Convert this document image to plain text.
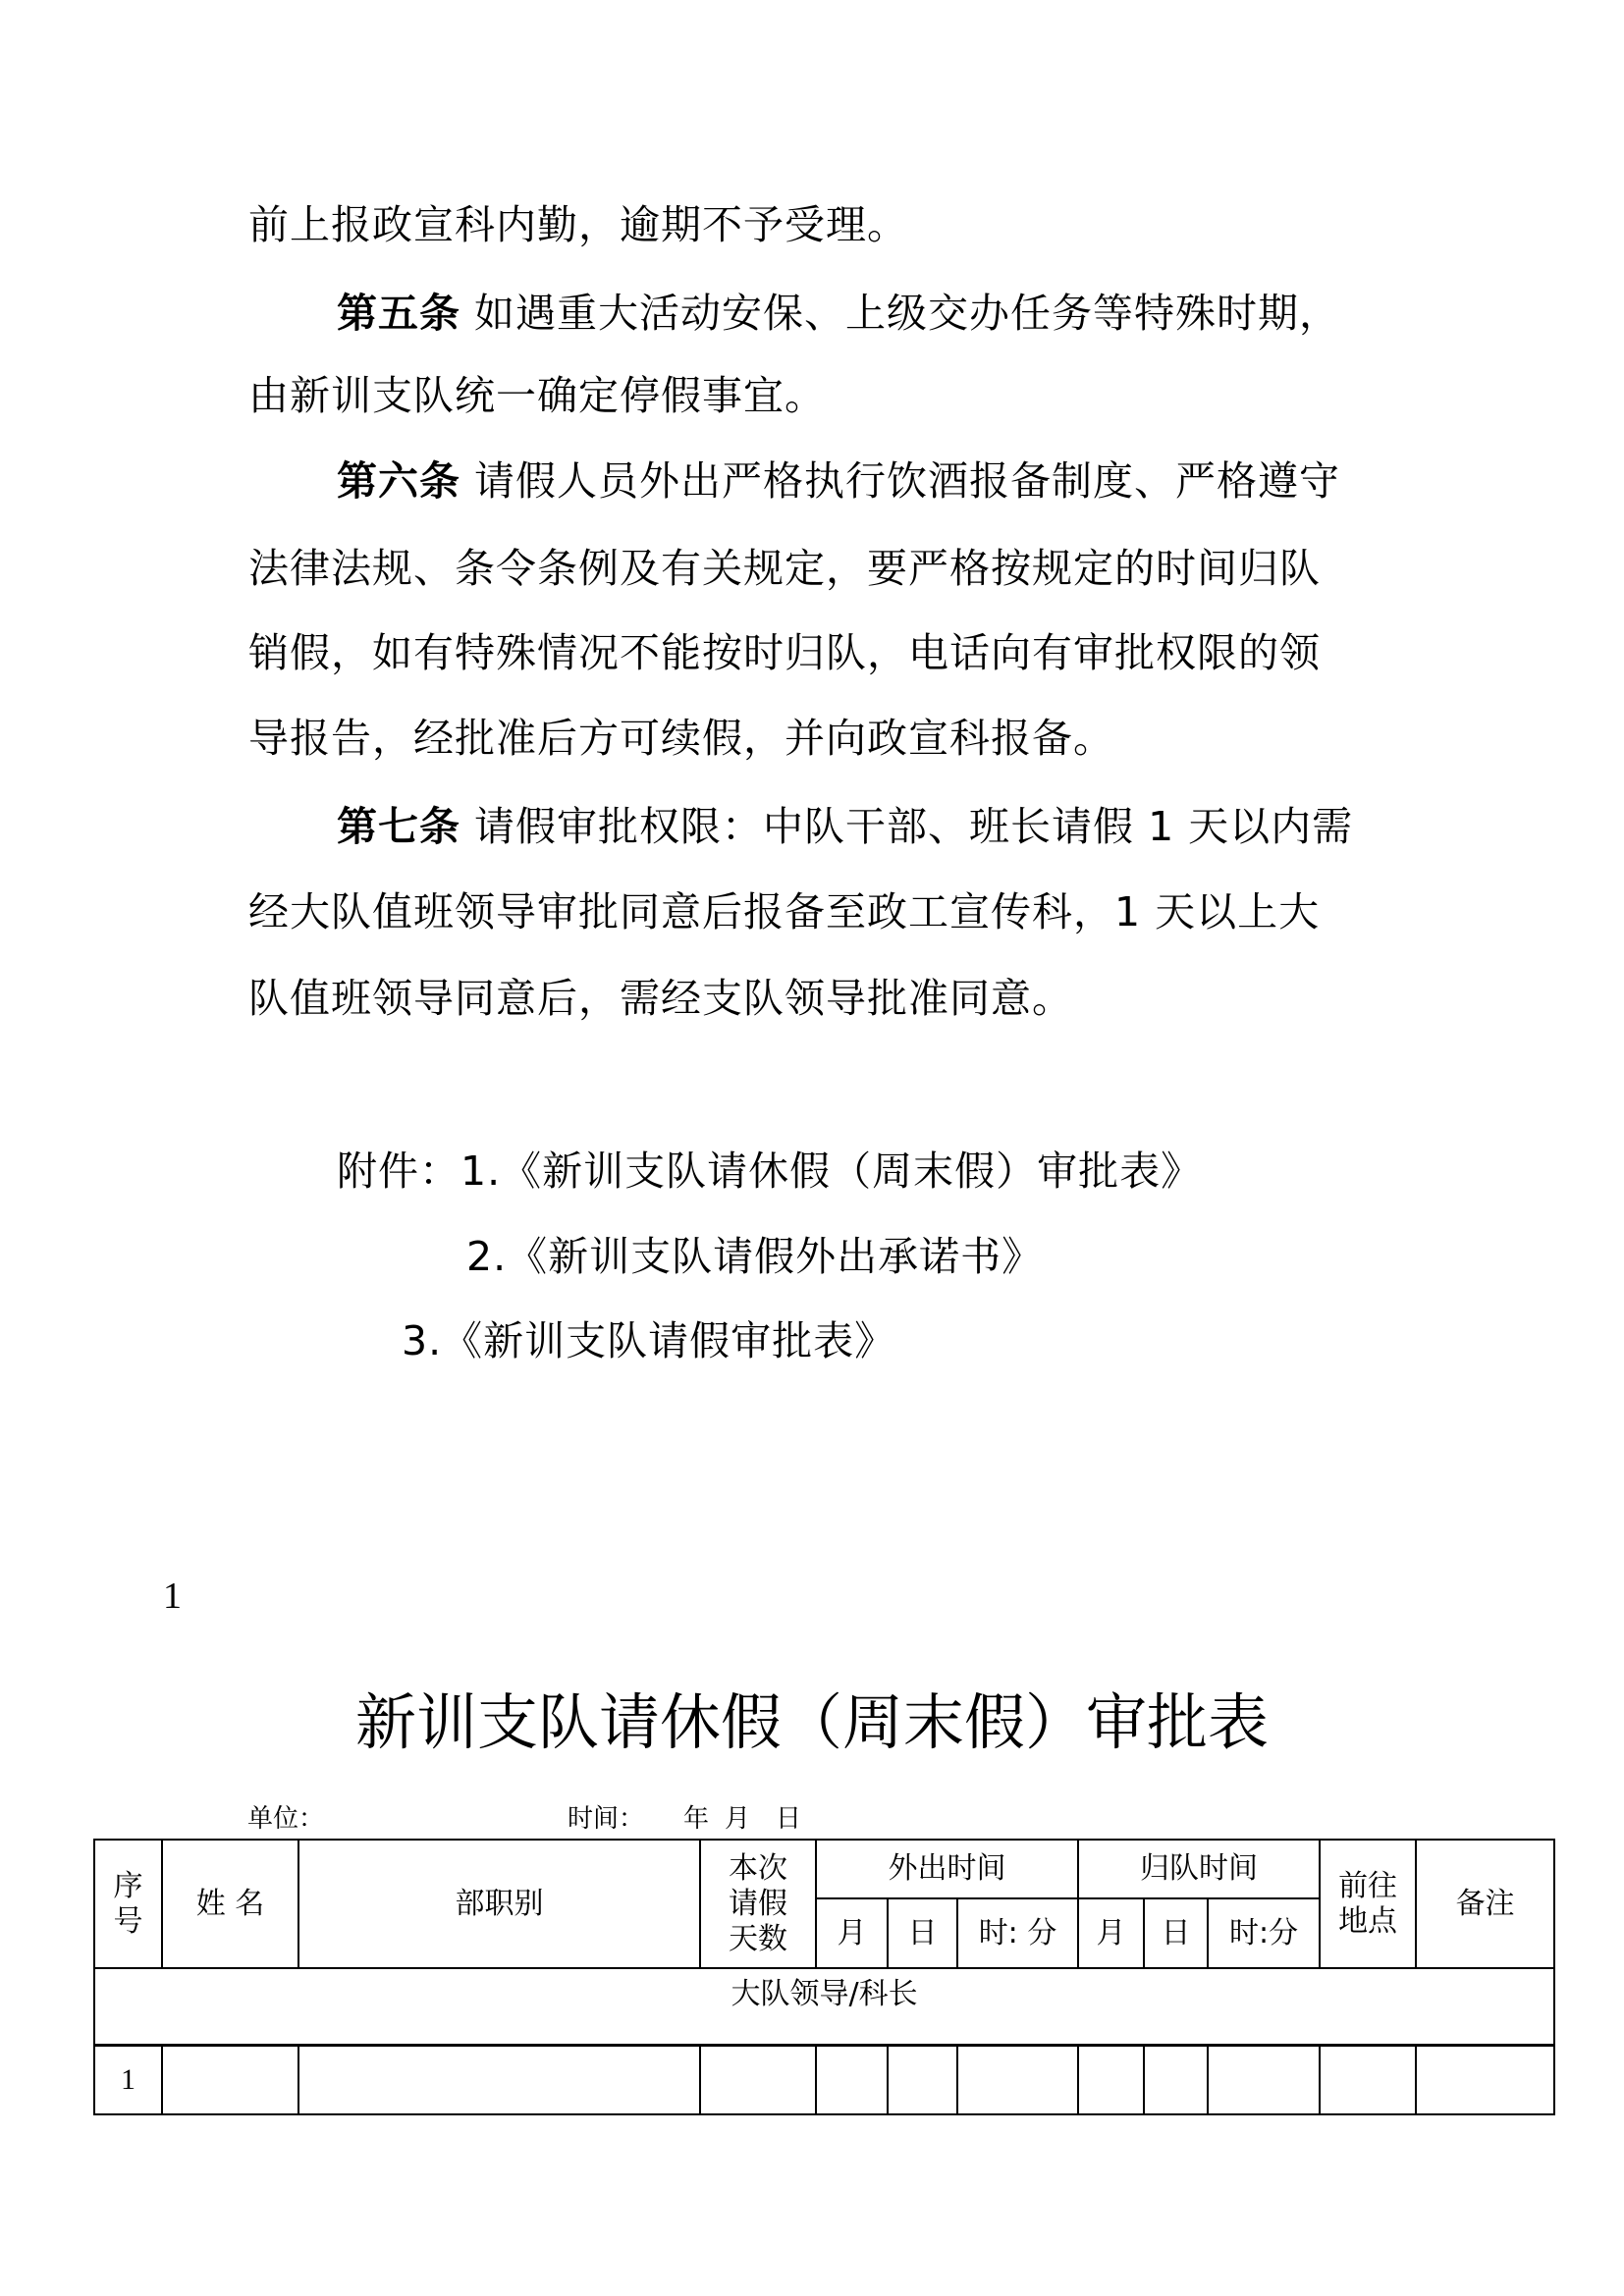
前上报政宣科内勤，逾期不予受理。
第五条 如遇重大活动安保、上级交办任务等特殊时期，
由新训支队统一确定停假事宜。
第六条 请假人员外出严格执行饮酒报备制度、严格遵守
法律法规、条令条例及有关规定，要严格按规定的时间归队
销假，如有特殊情况不能按时归队，电话向有审批权限的领
导报告，经批准后方可续假，并向政宣科报备。
第七条 请假审批权限：中队干部、班长请假 1 天以内需
经大队值班领导审批同意后报备至政工宣传科，1 天以上大
队值班领导同意后，需经支队领导批准同意。
附件：1.《新训支队请休假（周末假）审批表》
2.《新训支队请假外出承诺书》
3.《新训支队请假审批表》
1
新训支队请休假（周末假）审批表
单位：	时间： 年 月 日
序号	姓 名	部职别	本次请假天数	外出时间			归队时间			前往地点	备注
				月	日	时: 分	月	日	时:分		
大队领导/科长											
1											
